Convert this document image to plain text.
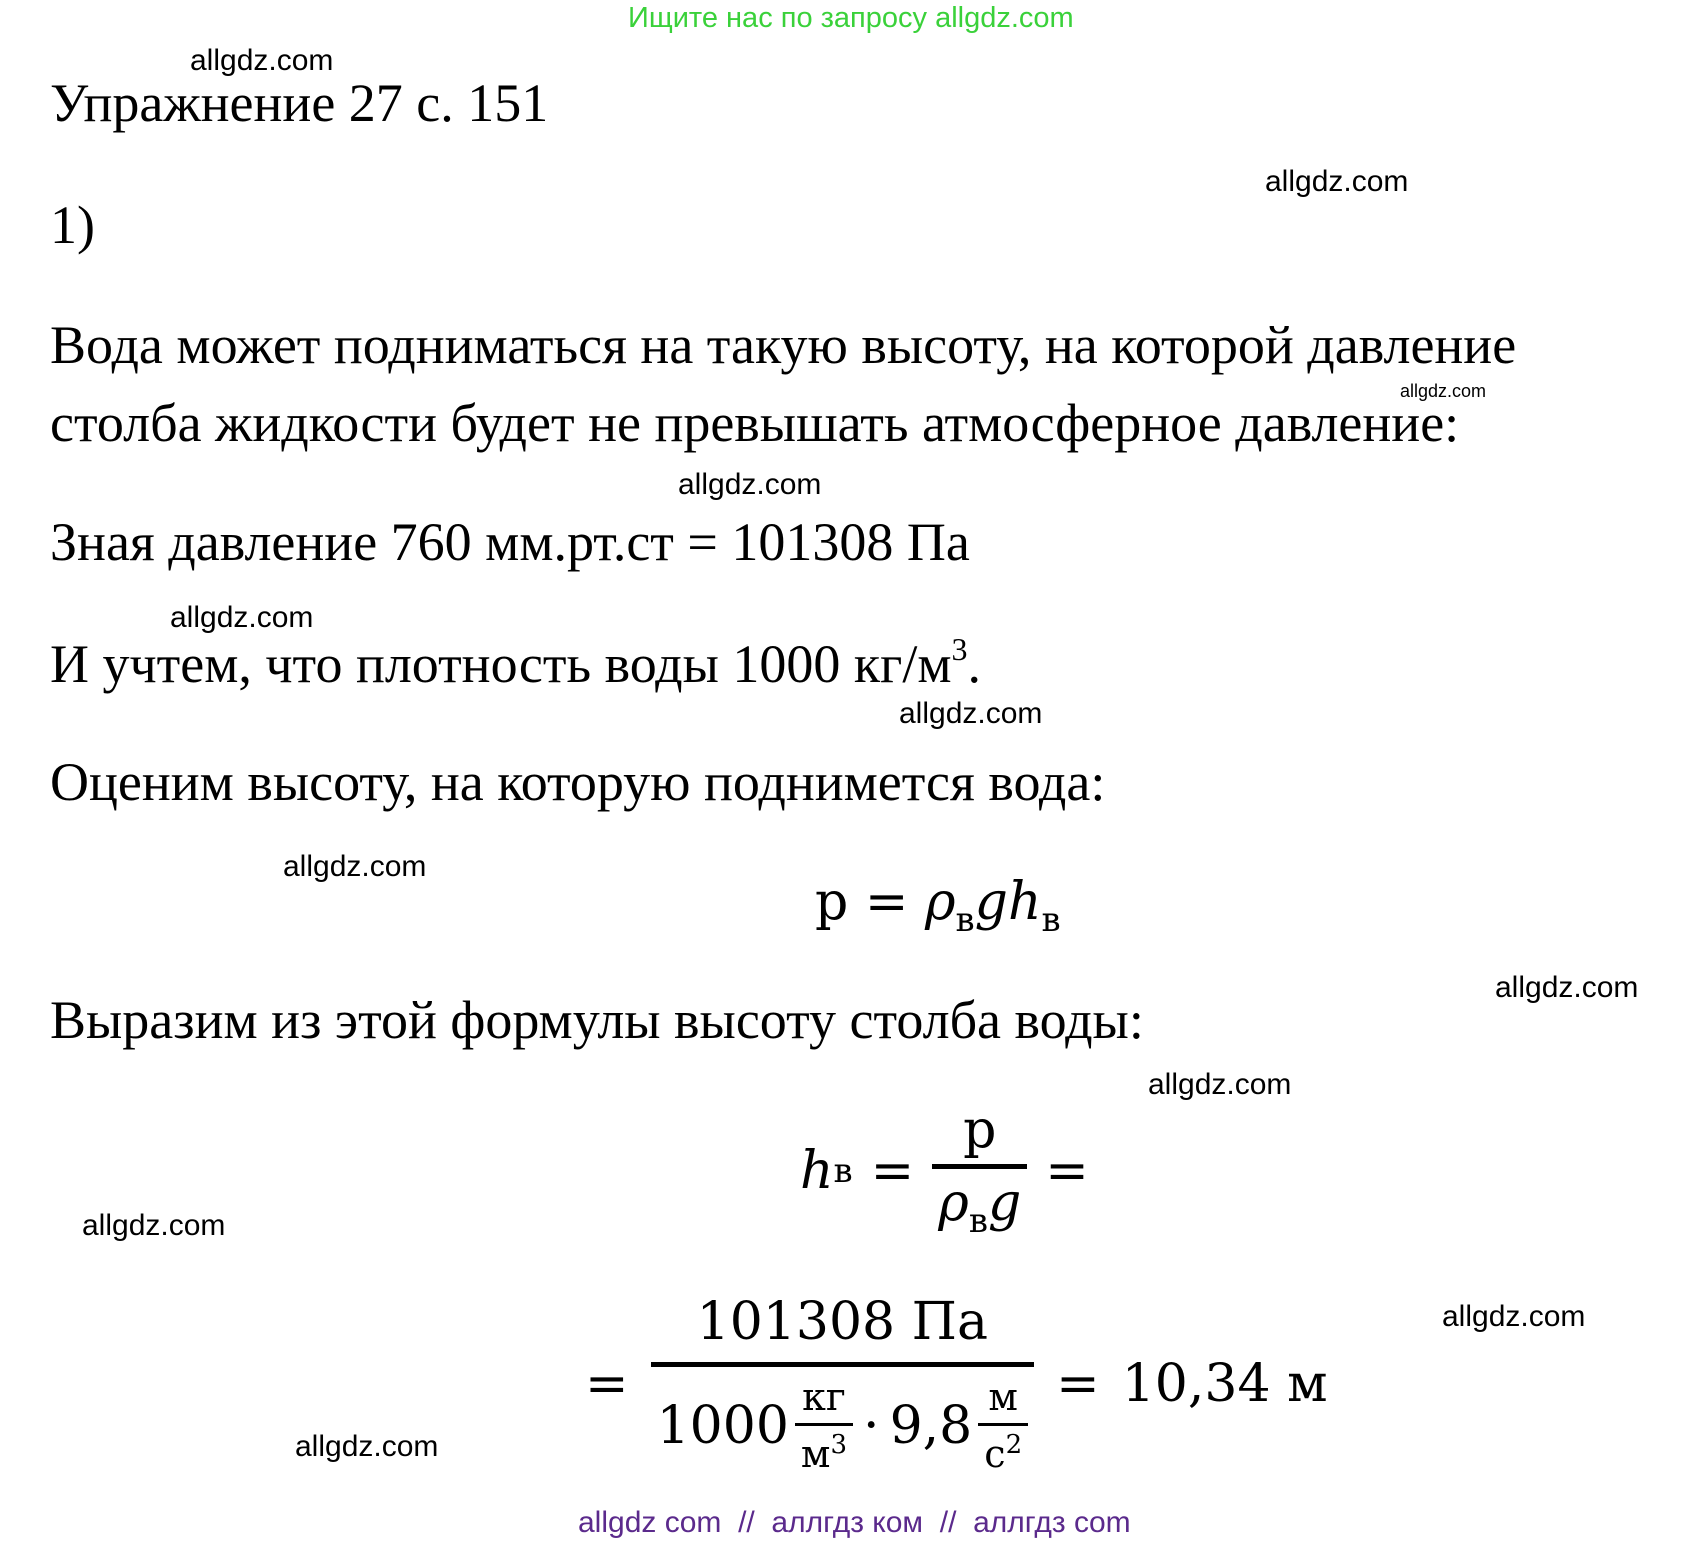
Ищите нас по запросу allgdz.com
allgdz.com
allgdz.com
allgdz.com
allgdz.com
allgdz.com
allgdz.com
allgdz.com
allgdz.com
allgdz.com
allgdz.com
allgdz.com
allgdz.com
Упражнение 27 с. 151
1)
Вода может подниматься на такую высоту, на которой давление
столба жидкости будет не превышать атмосферное давление:
Зная давление 760 мм.рт.ст = 101308 Па
И учтем, что плотность воды 1000 $кг/м^3$.
Оценим высоту, на которую поднимется вода:
Выразим из этой формулы высоту столба воды:
$p = \rho_вgh_в$
h $в = \frac{p}{\rho_вg}$ =
=
101308 Па
$1000 \frac{кг}{м^3} \cdot 9,8 \frac{м}{с^2} = 10,34$ м
allgdz com  //  аллгдз ком  //  аллгдз com
